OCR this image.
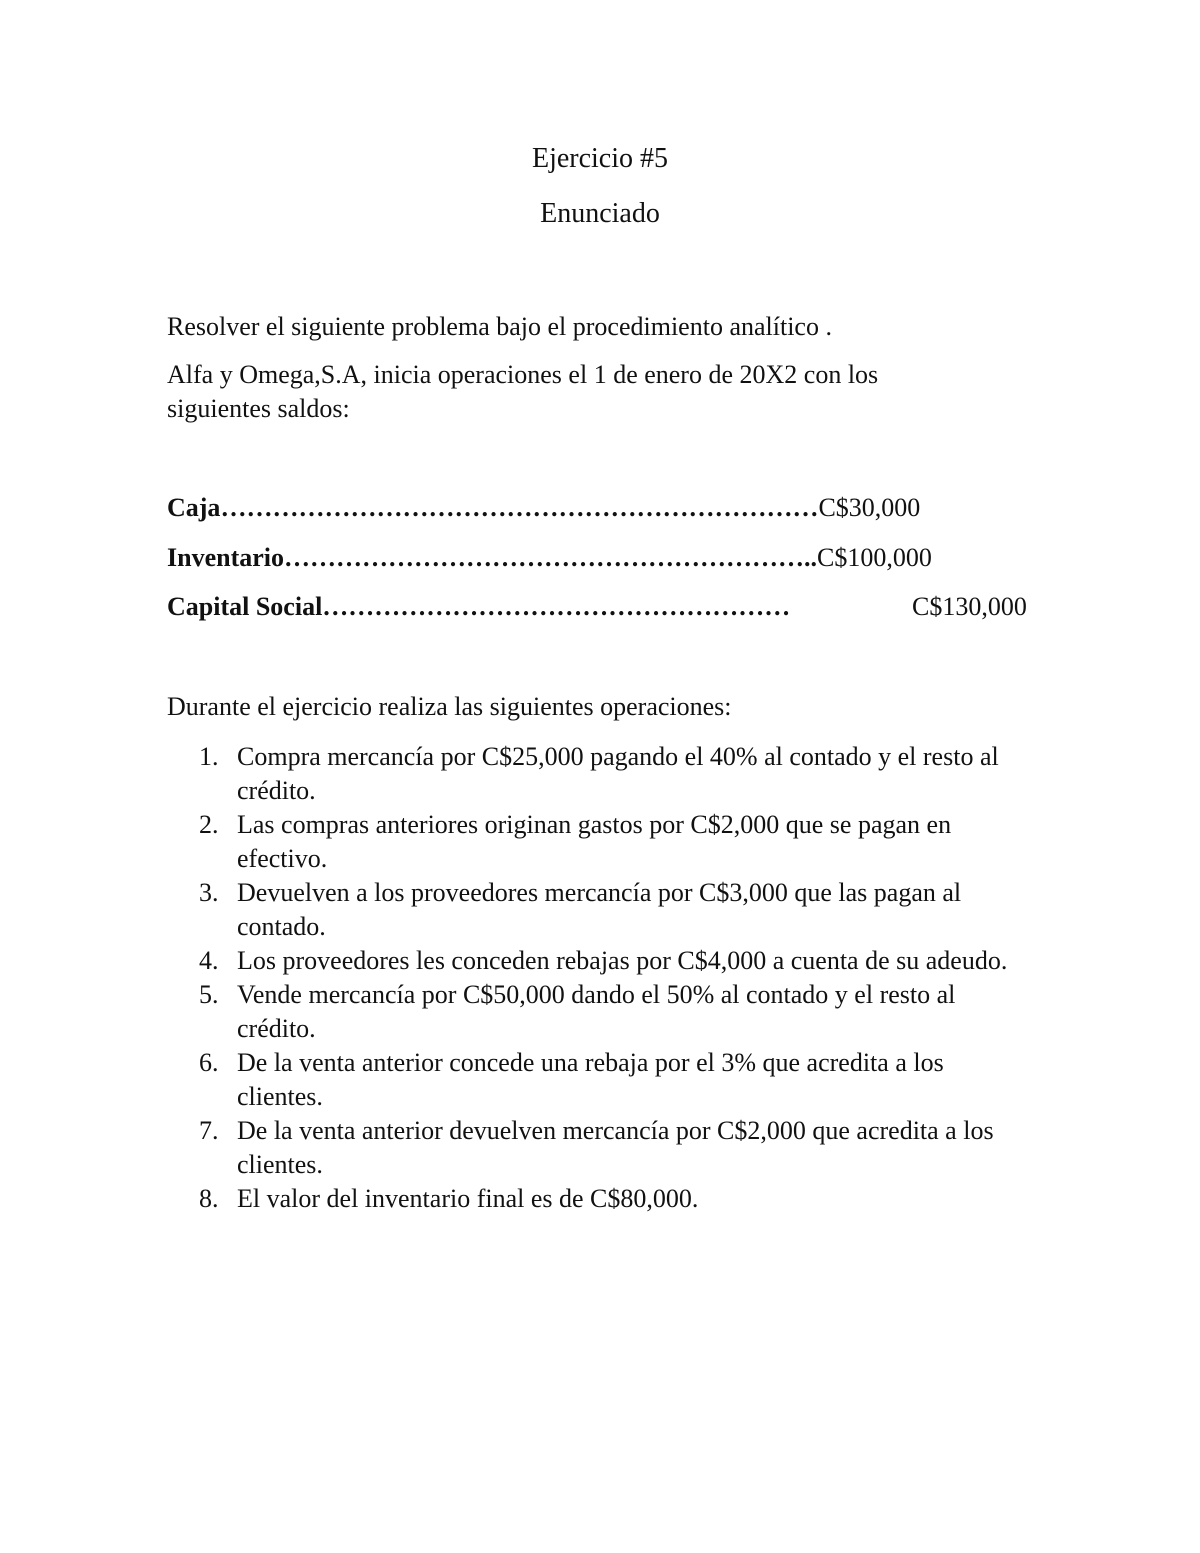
Ejercicio #5
Enunciado
Resolver el siguiente problema bajo el procedimiento analítico .
Alfa y Omega,S.A, inicia operaciones el 1 de enero de 20X2 con los siguientes saldos:
Caja……………………………………………………………C$30,000
Inventario……………………………………………………..C$100,000
Capital Social………………………………………………	C$130,000
Durante el ejercicio realiza las siguientes operaciones:
1. Compra mercancía por C$25,000 pagando el 40% al contado y el resto al crédito.
2. Las compras anteriores originan gastos por C$2,000 que se pagan en efectivo.
3. Devuelven a los proveedores mercancía por C$3,000 que las pagan al contado.
4. Los proveedores les conceden rebajas por C$4,000 a cuenta de su adeudo.
5. Vende mercancía por C$50,000 dando el 50% al contado y el resto al crédito.
6. De la venta anterior concede una rebaja por el 3% que acredita a los clientes.
7. De la venta anterior devuelven mercancía por C$2,000 que acredita a los clientes.
8. El valor del inventario final es de C$80,000.
